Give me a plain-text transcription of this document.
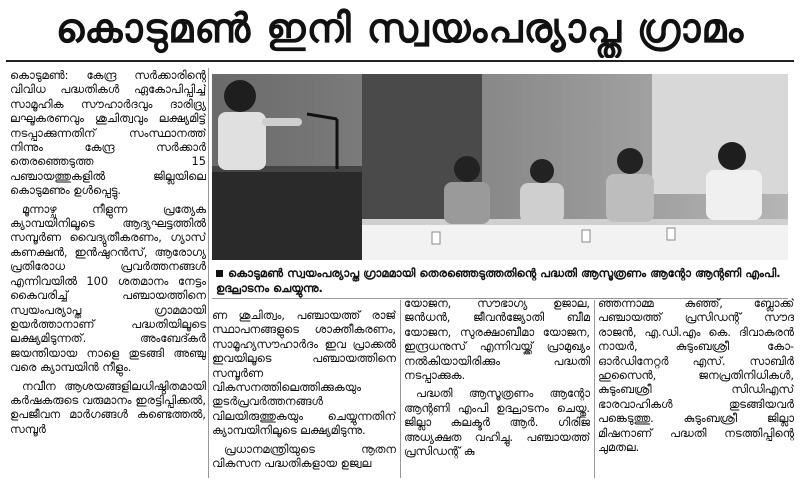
കൊടുമൺ ഇനി സ്വയംപര്യാപ്ത ഗ്രാമം

കൊടുമൺ: കേന്ദ്ര സർക്കാരിന്റെ വിവിധ പദ്ധതികൾ ഏകോപിപ്പിച്ച് സാമൂഹിക സൗഹാർദവും ദാരിദ്ര്യ ലഘൂകരണവും ശുചിത്വവും ലക്ഷ്യമിട്ട് നടപ്പാക്കുന്നതിന് സംസ്ഥാനത്ത് നിന്നും കേന്ദ്ര സർക്കാർ തെരഞ്ഞെടുത്ത 15 പഞ്ചായത്തുകളിൽ ജില്ലയിലെ കൊടുമണും ഉൾപ്പെട്ടു.

മൂന്നാഴ്ച നീളുന്ന പ്രത്യേക ക്യാമ്പയിനിലൂടെ ആദ്യഘട്ടത്തിൽ സമ്പൂർണ വൈദ്യുതീകരണം, ഗ്യാസ് കണക്ഷൻ, ഇൻഷുറൻസ്, ആരോഗ്യ പ്രതിരോധ പ്രവർത്തനങ്ങൾ എന്നിവയിൽ 100 ശതമാനം നേട്ടം കൈവരിച്ച് പഞ്ചായത്തിനെ സ്വയംപര്യാപ്ത ഗ്രാമമായി ഉയർത്താനാണ് പദ്ധതിയിലൂടെ ലക്ഷ്യമിടുന്നത്. അംബേദ്കർ ജയന്തിയായ നാളെ തുടങ്ങി അഞ്ചു വരെ ക്യാമ്പയിൻ നീളും.

നവീന ആശയങ്ങളിലധിഷ്ഠിതമായി കർഷകരുടെ വരുമാനം ഇരട്ടിപ്പിക്കൽ, ഉപജീവന മാർഗങ്ങൾ കണ്ടെത്തൽ, സമ്പൂർ

കൊടുമൺ സ്വയംപര്യാപ്ത ഗ്രാമമായി തെരഞ്ഞെടുത്തതിന്റെ പദ്ധതി ആസൂത്രണം ആന്റോ ആന്റണി എംപി. ഉദ്ഘാടനം ചെയ്യുന്നു.

ണ ശുചിത്വം, പഞ്ചായത്ത് രാജ് സ്ഥാപനങ്ങളുടെ ശാക്തീകരണം, സാമൂഹ്യസൗഹാർദം ഇവ പ്രാക്കൽ ഇവയിലൂടെ പഞ്ചായത്തിനെ സമ്പൂർണ വികസനത്തിലെത്തിക്കുകയും തുടർപ്രവർത്തനങ്ങൾ വിലയിരുത്തുകയും ചെയ്യുന്നതിന് ക്യാമ്പയിനിലൂടെ ലക്ഷ്യമിടുന്നു.

പ്രധാനമന്ത്രിയുടെ നൂതന വികസന പദ്ധതികളായ ഉജ്വല

യോജന, സൗഭാഗ്യ ഉജാല, ജൻധൻ, ജീവൻജ്യോതി ബീമ യോജന, സുരക്ഷാബീമാ യോജന, ഇന്ദ്രധനുസ് എന്നിവയ്ക്ക് പ്രാമുഖ്യം നൽകിയായിരിക്കും പദ്ധതി നടപ്പാക്കുക.

പദ്ധതി ആസൂത്രണം ആന്റോ ആന്റണി എംപി ഉദ്ഘാടനം ചെയ്തു. ജില്ലാ കലക്ടർ ആർ. ഗിരിജ അധ്യക്ഷത വഹിച്ചു. പഞ്ചായത്ത് പ്രസിഡന്റ് കു

ഞ്ഞന്നാമ്മ കുഞ്ഞ്, ബ്ലോക്ക് പഞ്ചായത്ത് പ്രസിഡന്റ് സൗദ രാജൻ, എ.ഡി.എം കെ. ദിവാകരൻ നായർ, കുടുംബശ്രീ കോ-ഓർഡിനേറ്റർ എസ്. സാബിർ ഹുസൈൻ, ജനപ്രതിനിധികൾ, കുടുംബശ്രീ സിഡിഎസ് ഭാരവാഹികൾ തുടങ്ങിയവർ പങ്കെടുത്തു. കുടുംബശ്രീ ജില്ലാ മിഷനാണ് പദ്ധതി നടത്തിപ്പിന്റെ ചുമതല.
